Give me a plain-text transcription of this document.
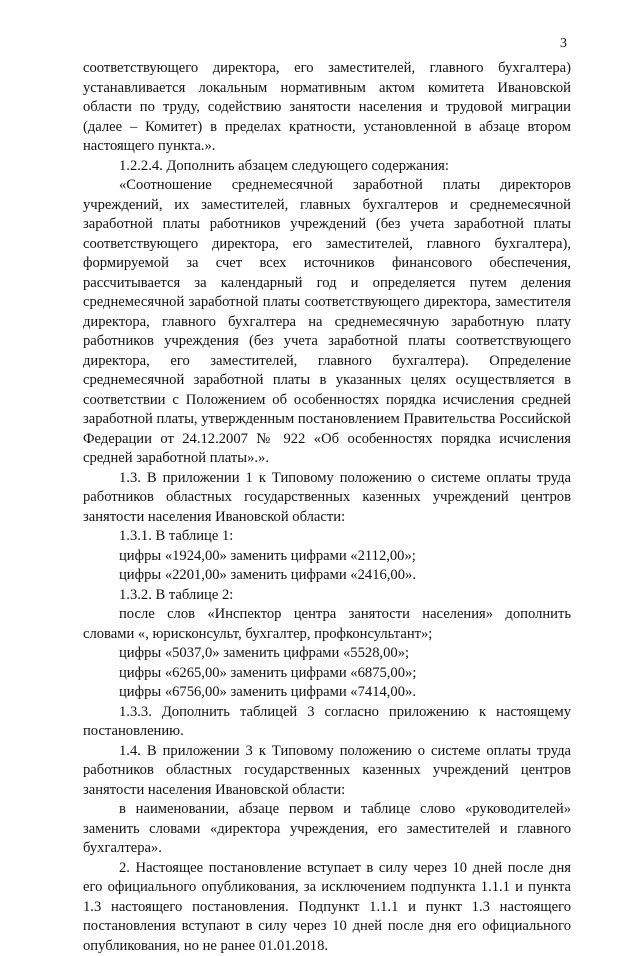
3

соответствующего директора, его заместителей, главного бухгалтера) устанавливается локальным нормативным актом комитета Ивановской области по труду, содействию занятости населения и трудовой миграции (далее – Комитет) в пределах кратности, установленной в абзаце втором настоящего пункта.».

1.2.2.4. Дополнить абзацем следующего содержания:

«Соотношение среднемесячной заработной платы директоров учреждений, их заместителей, главных бухгалтеров и среднемесячной заработной платы работников учреждений (без учета заработной платы соответствующего директора, его заместителей, главного бухгалтера), формируемой за счет всех источников финансового обеспечения, рассчитывается за календарный год и определяется путем деления среднемесячной заработной платы соответствующего директора, заместителя директора, главного бухгалтера на среднемесячную заработную плату работников учреждения (без учета заработной платы соответствующего директора, его заместителей, главного бухгалтера). Определение среднемесячной заработной платы в указанных целях осуществляется в соответствии с Положением об особенностях порядка исчисления средней заработной платы, утвержденным постановлением Правительства Российской Федерации от 24.12.2007 № 922 «Об особенностях порядка исчисления средней заработной платы».».

1.3. В приложении 1 к Типовому положению о системе оплаты труда работников областных государственных казенных учреждений центров занятости населения Ивановской области:

1.3.1. В таблице 1:

цифры «1924,00» заменить цифрами «2112,00»;

цифры «2201,00» заменить цифрами «2416,00».

1.3.2. В таблице 2:

после слов «Инспектор центра занятости населения» дополнить словами «, юрисконсульт, бухгалтер, профконсультант»;

цифры «5037,0» заменить цифрами «5528,00»;

цифры «6265,00» заменить цифрами «6875,00»;

цифры «6756,00» заменить цифрами «7414,00».

1.3.3. Дополнить таблицей 3 согласно приложению к настоящему постановлению.

1.4. В приложении 3 к Типовому положению о системе оплаты труда работников областных государственных казенных учреждений центров занятости населения Ивановской области:

в наименовании, абзаце первом и таблице слово «руководителей» заменить словами «директора учреждения, его заместителей и главного бухгалтера».

2. Настоящее постановление вступает в силу через 10 дней после дня его официального опубликования, за исключением подпункта 1.1.1 и пункта 1.3 настоящего постановления. Подпункт 1.1.1 и пункт 1.3 настоящего постановления вступают в силу через 10 дней после дня его официального опубликования, но не ранее 01.01.2018.
